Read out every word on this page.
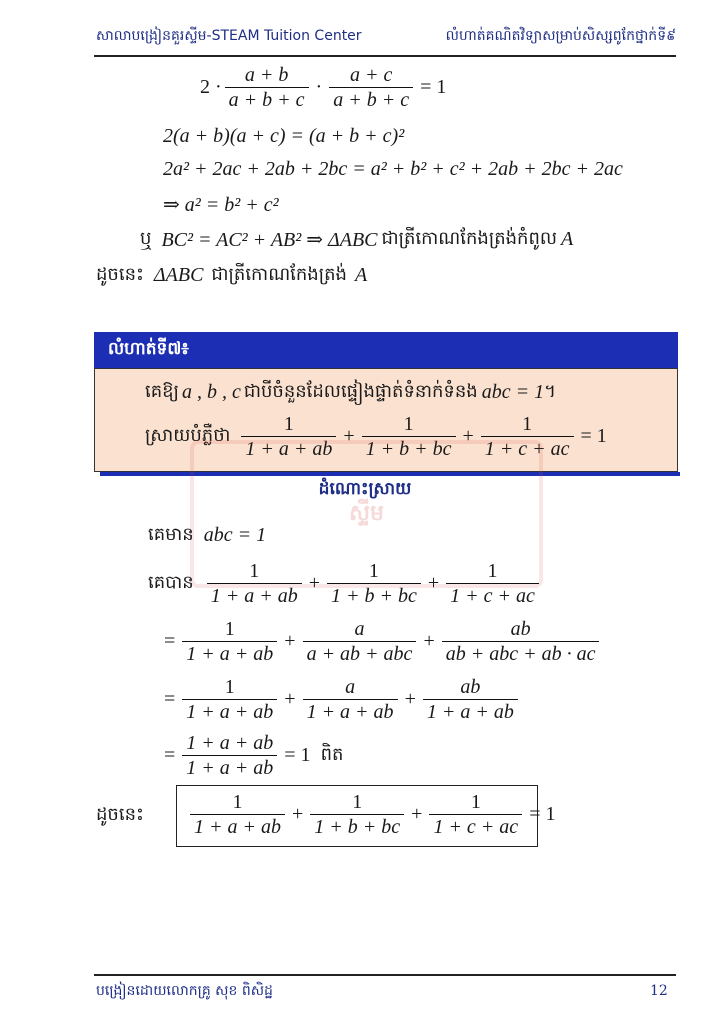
សាលាបង្រៀនគួរស្ទីម-STEAM Tuition Center	លំហាត់គណិតវិទ្យាសម្រាប់សិស្សពូកែថ្នាក់ទី៩
$2 \cdot \frac{a + b}{a + b + c} \cdot \frac{a + c}{a + b + c} = 1$
2(a + b)(a + c) = (a + b + c)²
2a² + 2ac + 2ab + 2bc = a² + b² + c² + 2ab + 2bc + 2ac
⇒ a² = b² + c²
ឬ BC² = AC² + AB² ⇒ ΔABC ជាត្រីកោណកែងត្រង់កំពូល A
ដូចនេះ ΔABC ជាត្រីកោណកែងត្រង់ A
លំហាត់ទី៧៖
គេឱ្យ a , b , c ជាបីចំនួនដែលផ្ទៀងផ្ទាត់ទំនាក់ទំនង abc = 1 ។
ស្រាយបំភ្លឺថា $\frac{1}{1 + a + ab} + \frac{1}{1 + b + bc} + \frac{1}{1 + c + ac} = 1$
ស្ទីម
ដំណោះស្រាយ
គេមាន abc = 1
គេបាន $\frac{1}{1 + a + ab} + \frac{1}{1 + b + bc} + \frac{1}{1 + c + ac}$
= $\frac{1}{1 + a + ab} + \frac{a}{\text{a + ab + abc}} + \frac{ab}{\text{ab + abc + ab · ac}}$
= $\frac{1}{1 + a + ab} + \frac{a}{1 + a + ab} + \frac{ab}{1 + a + ab}$
= $\frac{1 + a + ab}{1 + a + ab} = 1$ ពិត
ដូចនេះ $\frac{1}{1 + a + ab} + \frac{1}{1 + b + bc} + \frac{1}{1 + c + ac} = 1$
បង្រៀនដោយលោកគ្រូ សុខ ពិសិដ្ឋ	12
